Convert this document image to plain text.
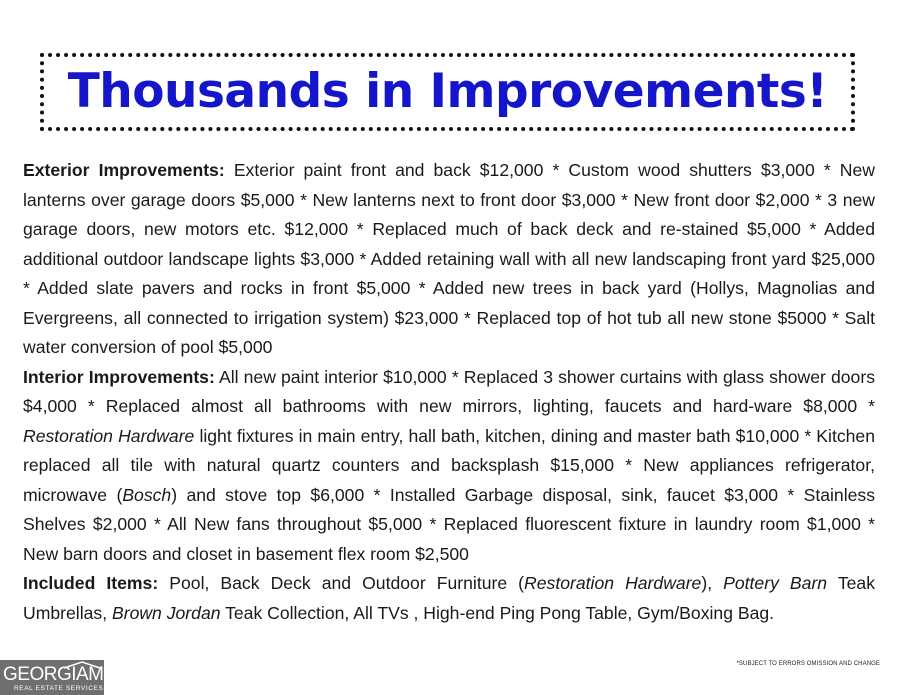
Thousands in Improvements!

Exterior Improvements: Exterior paint front and back $12,000 * Custom wood shutters $3,000 * New lanterns over garage doors $5,000 * New lanterns next to front door $3,000 * New front door $2,000 * 3 new garage doors, new motors etc. $12,000 * Replaced much of back deck and re-stained $5,000 * Added additional outdoor landscape lights $3,000 * Added retaining wall with all new landscaping front yard $25,000 * Added slate pavers and rocks in front $5,000 * Added new trees in back yard (Hollys, Magnolias and Evergreens, all connected to irrigation system) $23,000 * Replaced top of hot tub all new stone $5000 * Salt water conversion of pool $5,000

Interior Improvements: All new paint interior $10,000 * Replaced 3 shower curtains with glass shower doors $4,000 * Replaced almost all bathrooms with new mirrors, lighting, faucets and hard-ware $8,000 * Restoration Hardware light fixtures in main entry, hall bath, kitchen, dining and master bath $10,000 * Kitchen replaced all tile with natural quartz counters and backsplash $15,000 * New appliances refrigerator, microwave (Bosch) and stove top $6,000 * Installed Garbage disposal, sink, faucet $3,000 * Stainless Shelves $2,000 * All New fans throughout $5,000 * Replaced fluorescent fixture in laundry room $1,000 * New barn doors and closet in basement flex room $2,500

Included Items: Pool, Back Deck and Outdoor Furniture (Restoration Hardware), Pottery Barn Teak Umbrellas, Brown Jordan Teak Collection, All TVs , High-end Ping Pong Table, Gym/Boxing Bag.

GEORGIAMLS
REAL ESTATE SERVICES
*SUBJECT TO ERRORS OMISSION AND CHANGE
